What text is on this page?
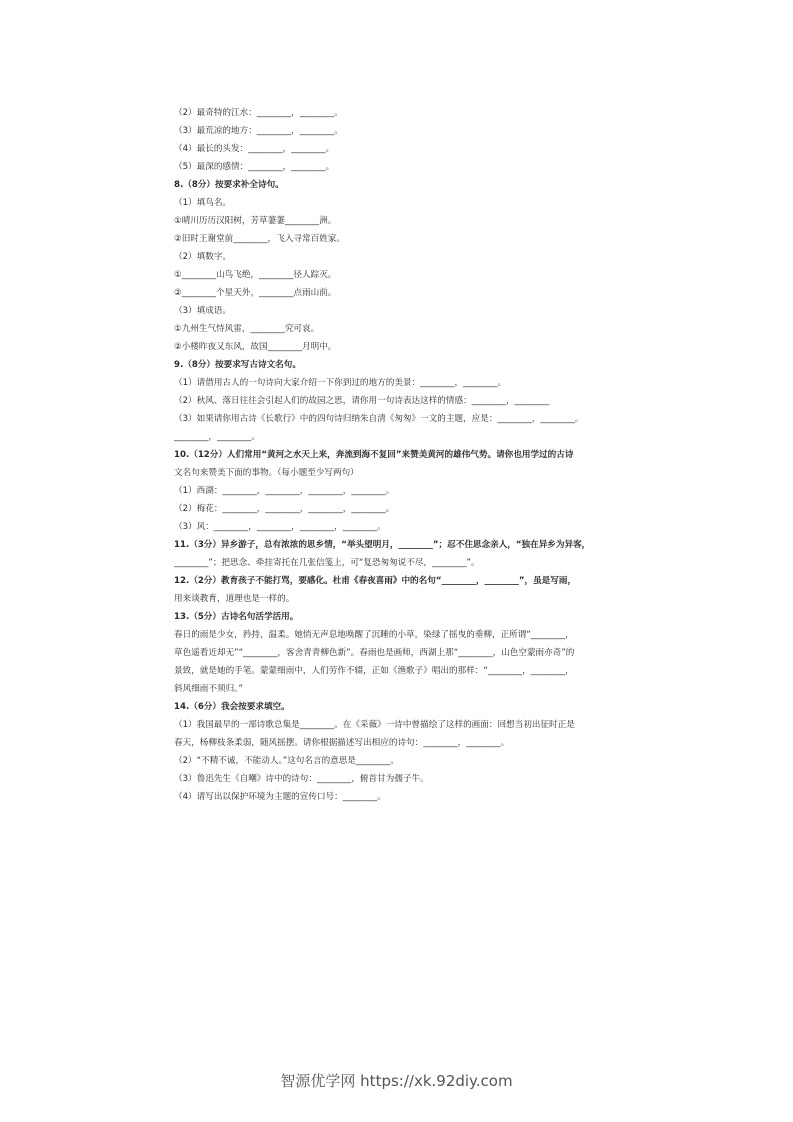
（2）最奇特的江水：________，________。
（3）最荒凉的地方：________，________。
（4）最长的头发：________，________。
（5）最深的感情：________，________。
8.（8分）按要求补全诗句。
（1）填鸟名。
①晴川历历汉阳树，芳草萋萋________洲。
②旧时王谢堂前________，飞入寻常百姓家。
（2）填数字。
①________山鸟飞绝，________径人踪灭。
②________个星天外，________点雨山前。
（3）填成语。
①九州生气恃风雷，________究可哀。
②小楼昨夜又东风，故国________月明中。
9.（8分）按要求写古诗文名句。
（1）请借用古人的一句诗向大家介绍一下你到过的地方的美景：________，________。
（2）秋风、落日往往会引起人们的故园之思，请你用一句诗表达这样的情感：________，________
（3）如果请你用古诗《长歌行》中的四句诗归纳朱自清《匆匆》一文的主题，应是：________，________。
________，________。
10.（12分）人们常用“黄河之水天上来，奔流到海不复回”来赞美黄河的雄伟气势。请你也用学过的古诗
文名句来赞美下面的事物。（每小题至少写两句）
（1）西湖：________，________，________，________。
（2）梅花：________，________，________，________。
（3）风：________，________，________，________。
11.（3分）异乡游子，总有浓浓的思乡情，“举头望明月，________”；忍不住思念亲人，“独在异乡为异客，
________”；把思念、牵挂寄托在几张信笺上，可“复恐匆匆说不尽，________”。
12.（2分）教育孩子不能打骂，要感化。杜甫《春夜喜雨》中的名句“________，________”，虽是写雨，
用来谈教育，道理也是一样的。
13.（5分）古诗名句活学活用。
春日的雨是少女，矜持，温柔。她悄无声息地唤醒了沉睡的小草，染绿了摇曳的垂柳，正所谓“________，
草色遥看近却无”“________，客舍青青柳色新”。春雨也是画师，西湖上那“________，山色空蒙雨亦奇”的
景致，就是她的手笔。蒙蒙细雨中，人们劳作不辍，正如《渔歌子》唱出的那样：“________，________，
斜风细雨不须归。”
14.（6分）我会按要求填空。
（1）我国最早的一部诗歌总集是________。在《采薇》一诗中曾描绘了这样的画面：回想当初出征时正是
春天，杨柳枝条柔弱，随风摇摆。请你根据描述写出相应的诗句：________，________。
（2）“不精不诚，不能动人。”这句名言的意思是________。
（3）鲁迅先生《自嘲》诗中的诗句：________，俯首甘为孺子牛。
（4）请写出以保护环境为主题的宣传口号：________。
智源优学网 https://xk.92diy.com
